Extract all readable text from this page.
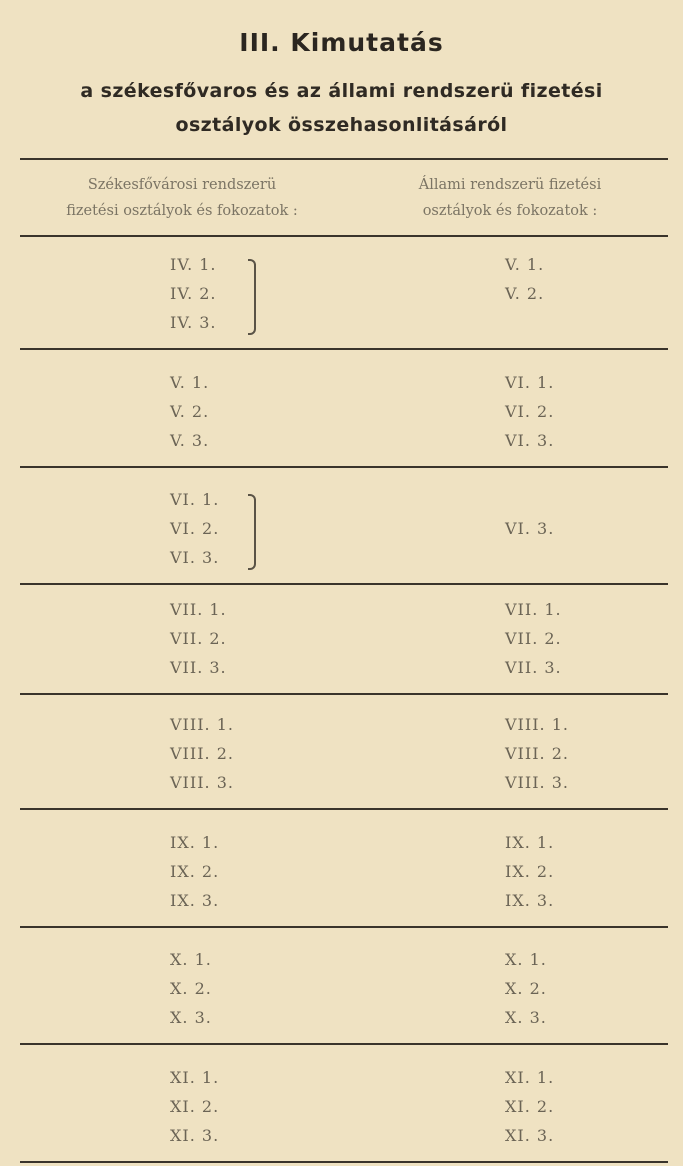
III. Kimutatás
a székesfővaros és az állami rendszerü fizetési
osztályok összehasonlitásáról
Székesfővárosi rendszerü
fizetési osztályok és fokozatok :
Állami rendszerü fizetési
osztályok és fokozatok :
IV. 1.
IV. 2.
IV. 3.
V. 1.
V. 2.
V. 1.
V. 2.
V. 3.
VI. 1.
VI. 2.
VI. 3.
VI. 1.
VI. 2.
VI. 3.
VI. 3.
VII. 1.
VII. 2.
VII. 3.
VII. 1.
VII. 2.
VII. 3.
VIII. 1.
VIII. 2.
VIII. 3.
VIII. 1.
VIII. 2.
VIII. 3.
IX. 1.
IX. 2.
IX. 3.
IX. 1.
IX. 2.
IX. 3.
X. 1.
X. 2.
X. 3.
X. 1.
X. 2.
X. 3.
XI. 1.
XI. 2.
XI. 3.
XI. 1.
XI. 2.
XI. 3.
